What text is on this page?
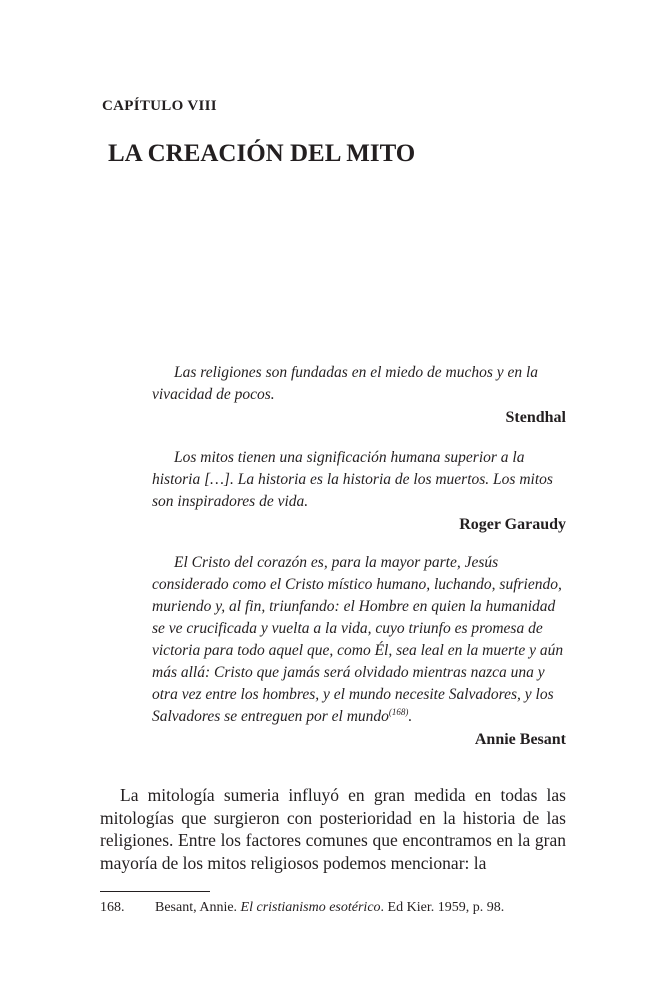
CAPÍTULO VIII
LA CREACIÓN DEL MITO

Las religiones son fundadas en el miedo de muchos y en la vivacidad de pocos.

Stendhal

Los mitos tienen una significación humana superior a la historia […]. La historia es la historia de los muertos. Los mitos son inspiradores de vida.

Roger Garaudy

El Cristo del corazón es, para la mayor parte, Jesús considerado como el Cristo místico humano, luchando, sufriendo, muriendo y, al fin, triunfando: el Hombre en quien la humanidad se ve crucificada y vuelta a la vida, cuyo triunfo es promesa de victoria para todo aquel que, como Él, sea leal en la muerte y aún más allá: Cristo que jamás será olvidado mientras nazca una y otra vez entre los hombres, y el mundo necesite Salvadores, y los Salvadores se entreguen por el mundo$^{(168)}$.

Annie Besant

La mitología sumeria influyó en gran medida en todas las mitologías que surgieron con posterioridad en la historia de las religiones. Entre los factores comunes que encontramos en la gran mayoría de los mitos religiosos podemos mencionar: la

168. Besant, Annie. El cristianismo esotérico. Ed Kier. 1959, p. 98.
